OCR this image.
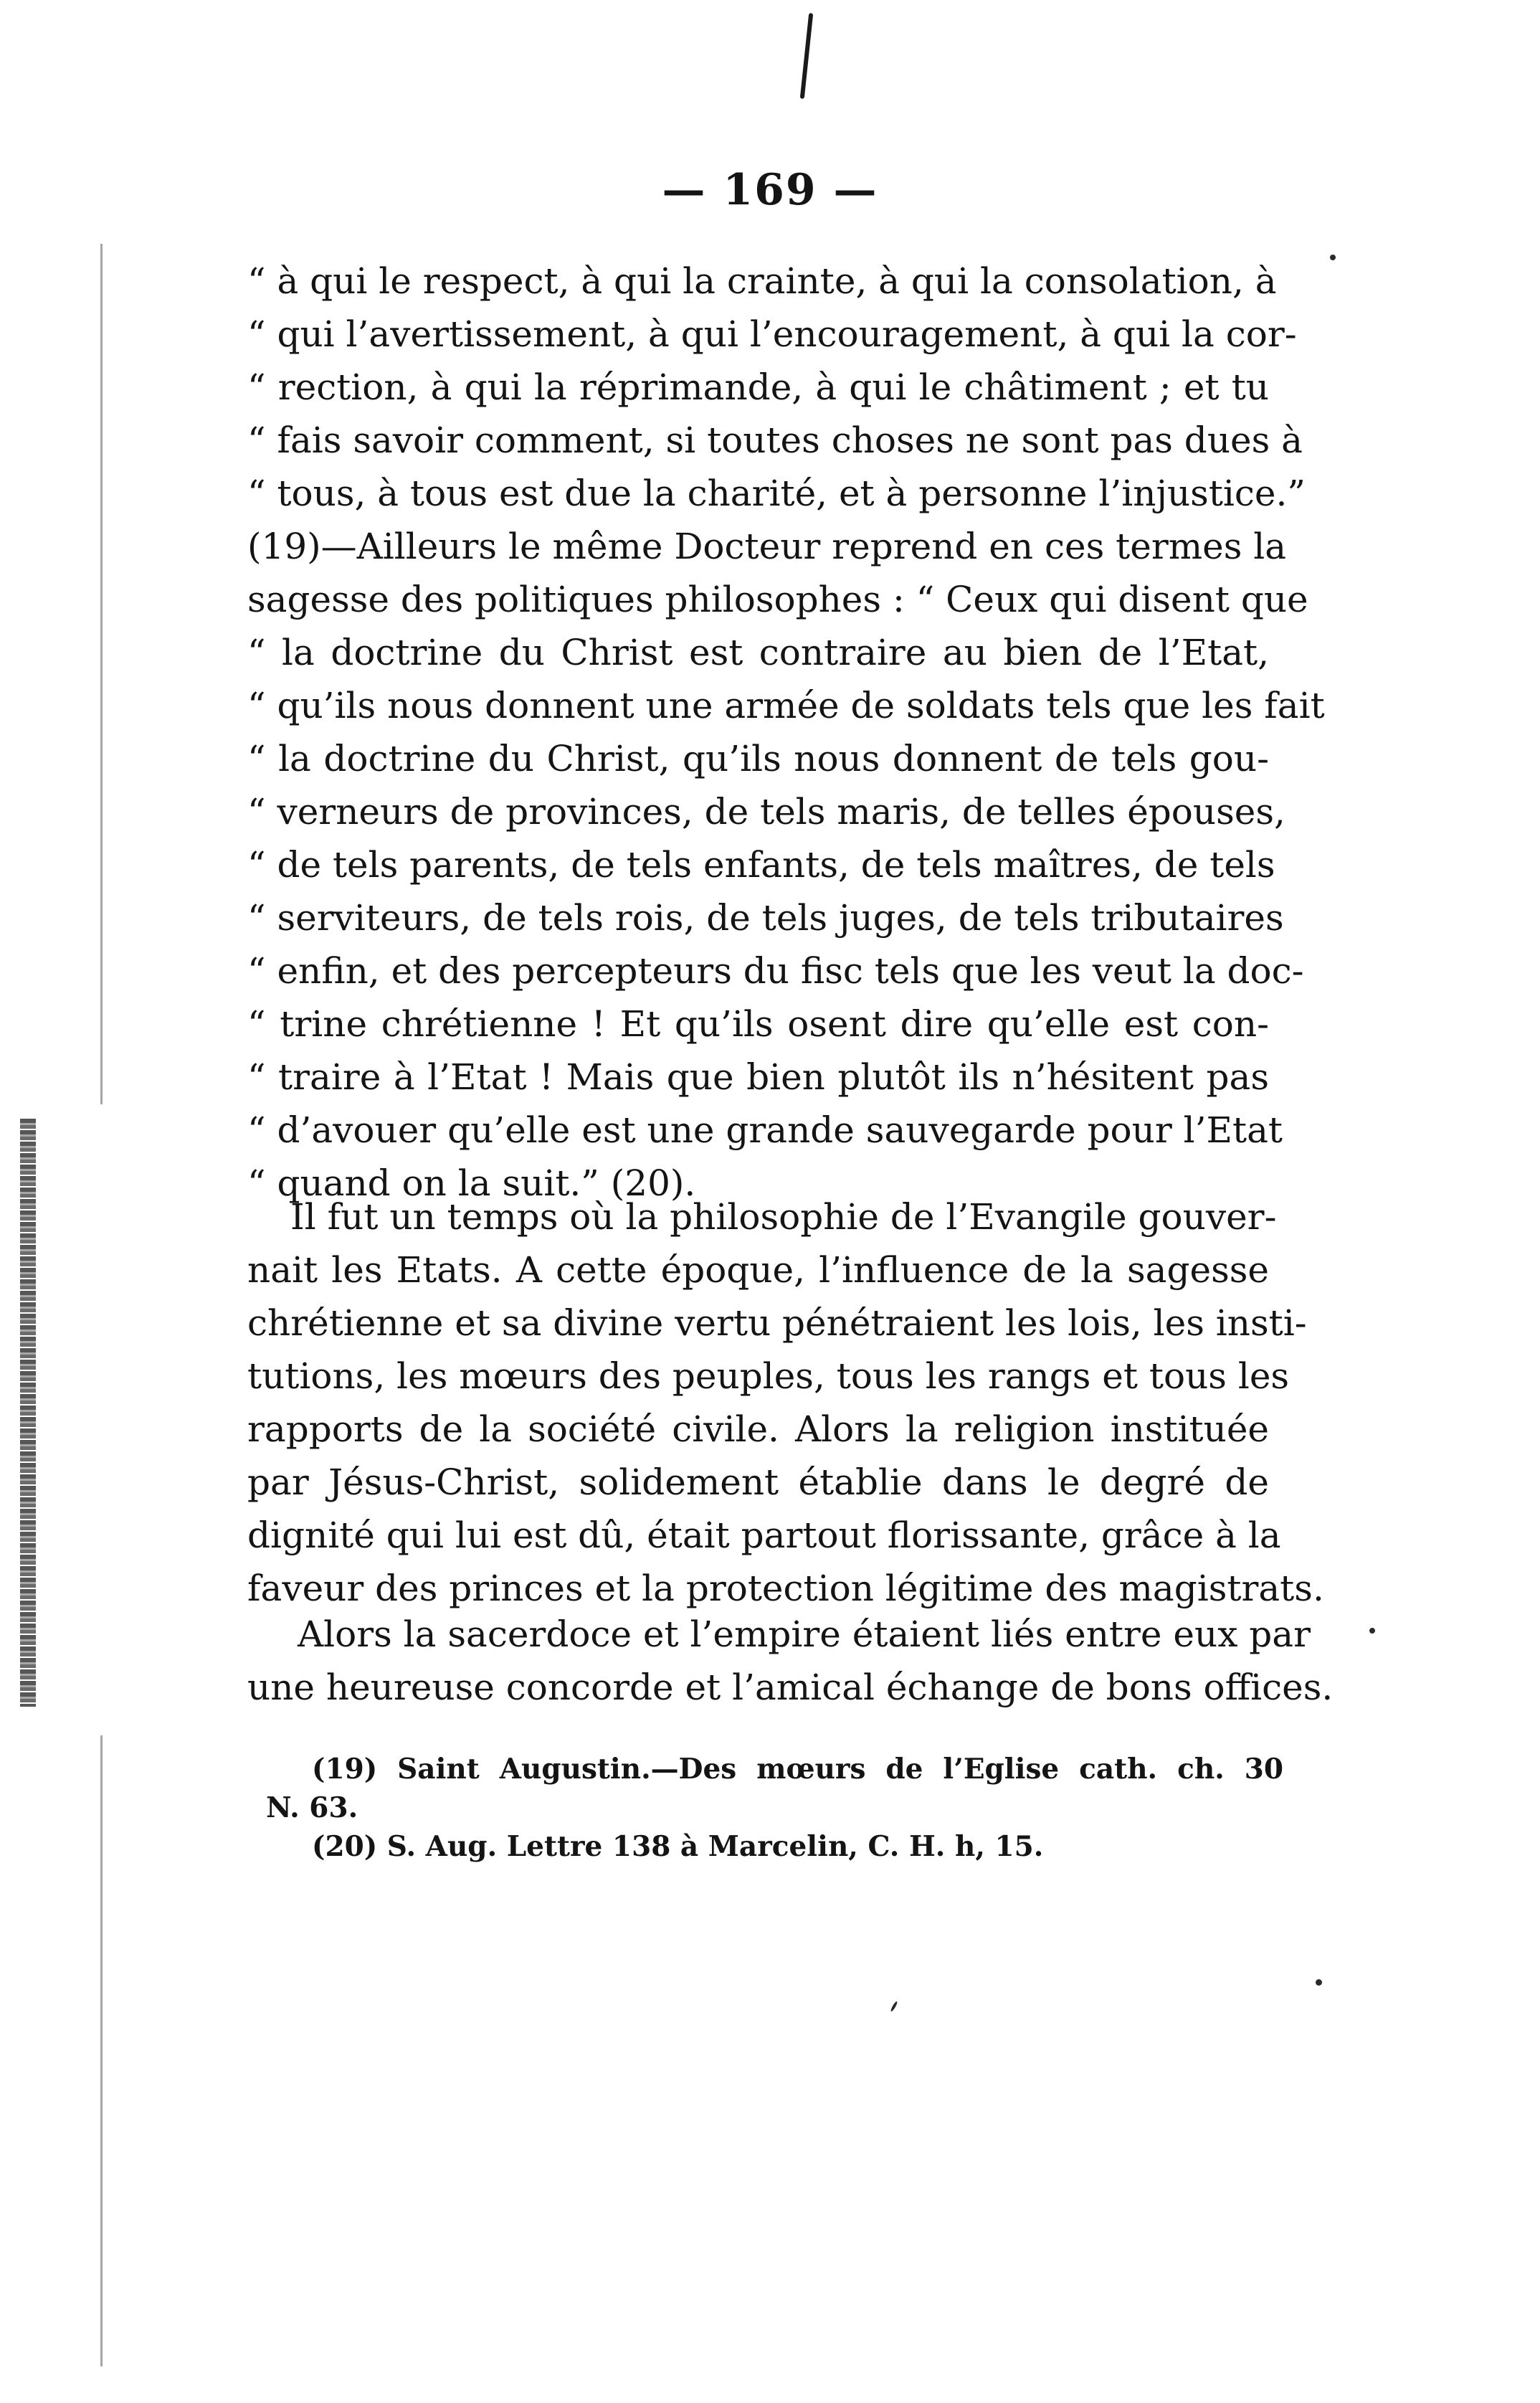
— 169 —
“ à qui le respect, à qui la crainte, à qui la consolation, à
“ qui l’avertissement, à qui l’encouragement, à qui la cor-
“ rection, à qui la réprimande, à qui le châtiment ; et tu
“ fais savoir comment, si toutes choses ne sont pas dues à
“ tous, à tous est due la charité, et à personne l’injustice.”
(19)—Ailleurs le même Docteur reprend en ces termes la
sagesse des politiques philosophes : “ Ceux qui disent que
“ la doctrine du Christ est contraire au bien de l’Etat,
“ qu’ils nous donnent une armée de soldats tels que les fait
“ la doctrine du Christ, qu’ils nous donnent de tels gou-
“ verneurs de provinces, de tels maris, de telles épouses,
“ de tels parents, de tels enfants, de tels maîtres, de tels
“ serviteurs, de tels rois, de tels juges, de tels tributaires
“ enfin, et des percepteurs du fisc tels que les veut la doc-
“ trine chrétienne ! Et qu’ils osent dire qu’elle est con-
“ traire à l’Etat ! Mais que bien plutôt ils n’hésitent pas
“ d’avouer qu’elle est une grande sauvegarde pour l’Etat
“ quand on la suit.” (20).
Il fut un temps où la philosophie de l’Evangile gouver-
nait les Etats. A cette époque, l’influence de la sagesse
chrétienne et sa divine vertu pénétraient les lois, les insti-
tutions, les mœurs des peuples, tous les rangs et tous les
rapports de la société civile. Alors la religion instituée
par Jésus-Christ, solidement établie dans le degré de
dignité qui lui est dû, était partout florissante, grâce à la
faveur des princes et la protection légitime des magistrats.
Alors la sacerdoce et l’empire étaient liés entre eux par
une heureuse concorde et l’amical échange de bons offices.
(19) Saint Augustin.—Des mœurs de l’Eglise cath. ch. 30
N. 63.
(20) S. Aug. Lettre 138 à Marcelin, C. H. h, 15.
